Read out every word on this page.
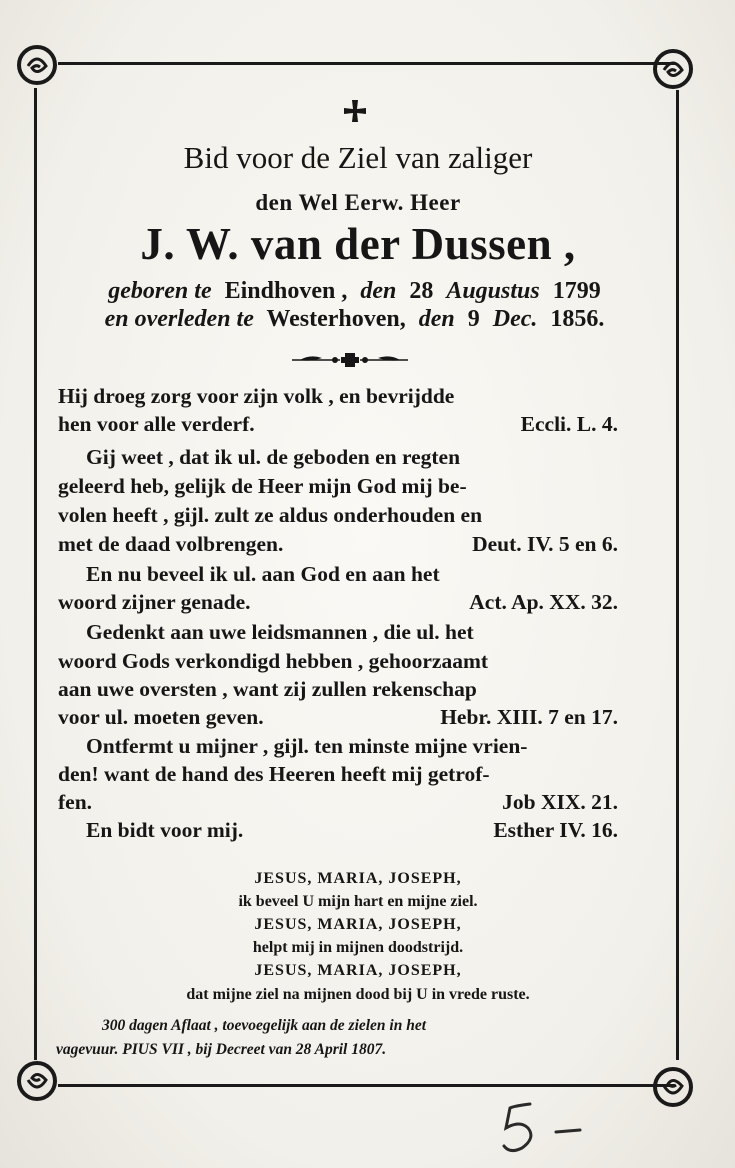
Bid voor de Ziel van zaliger
den Wel Eerw. Heer
J. W. van der Dussen ,
geboren te Eindhoven , den 28 Augustus 1799
en overleden te Westerhoven, den 9 Dec. 1856.
Hij droeg zorg voor zijn volk , en bevrijdde
hen voor alle verderf.	Eccli. L. 4.
Gij weet , dat ik ul. de geboden en regten
geleerd heb, gelijk de Heer mijn God mij be-
volen heeft , gijl. zult ze aldus onderhouden en
met de daad volbrengen.	Deut. IV. 5 en 6.
En nu beveel ik ul. aan God en aan het
woord zijner genade.	Act. Ap. XX. 32.
Gedenkt aan uwe leidsmannen , die ul. het
woord Gods verkondigd hebben , gehoorzaamt
aan uwe oversten , want zij zullen rekenschap
voor ul. moeten geven.	Hebr. XIII. 7 en 17.
Ontfermt u mijner , gijl. ten minste mijne vrien-
den! want de hand des Heeren heeft mij getrof-
fen.	Job XIX. 21.
En bidt voor mij.	Esther IV. 16.
JESUS, MARIA, JOSEPH,
ik beveel U mijn hart en mijne ziel.
JESUS, MARIA, JOSEPH,
helpt mij in mijnen doodstrijd.
JESUS, MARIA, JOSEPH,
dat mijne ziel na mijnen dood bij U in vrede ruste.
300 dagen Aflaat , toevoegelijk aan de zielen in het
vagevuur. PIUS VII , bij Decreet van 28 April 1807.
